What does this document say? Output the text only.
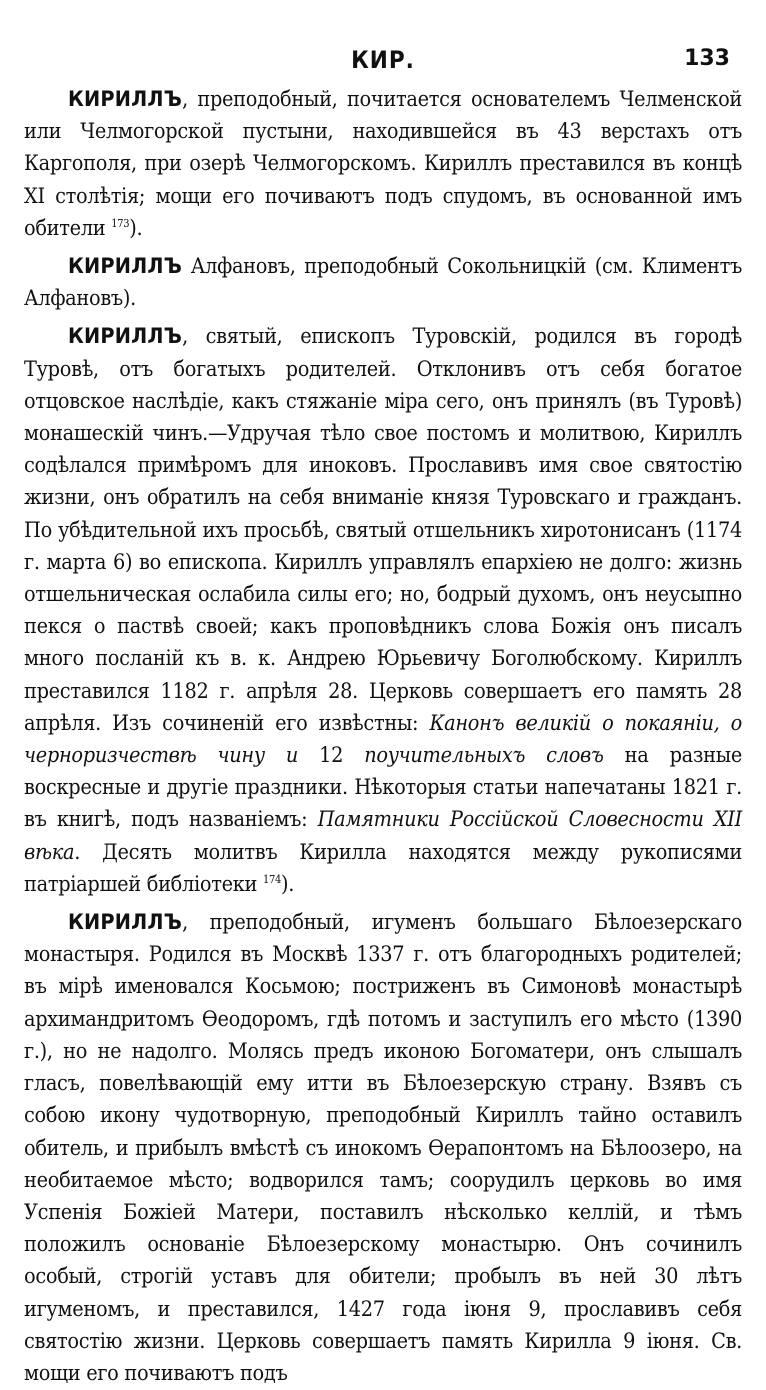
КИР.	133

КИРИЛЛЪ, преподобный, почитается основателемъ Челменской или Челмогорской пустыни, находившейся въ 43 верстахъ отъ Каргополя, при озерѣ Челмогорскомъ. Кириллъ преставился въ концѣ XI столѣтія; мощи его почиваютъ подъ спудомъ, въ основанной имъ обители $^{173}$).

КИРИЛЛЪ Алфановъ, преподобный Сокольницкій (см. Климентъ Алфановъ).

КИРИЛЛЪ, святый, епископъ Туровскій, родился въ городѣ Туровѣ, отъ богатыхъ родителей. Отклонивъ отъ себя богатое отцовское наслѣдіе, какъ стяжаніе міра сего, онъ принялъ (въ Туровѣ) монашескій чинъ.—Удручая тѣло свое постомъ и молитвою, Кириллъ содѣлался примѣромъ для иноковъ. Прославивъ имя свое святостію жизни, онъ обратилъ на себя вниманіе князя Туровскаго и гражданъ. По убѣдительной ихъ просьбѣ, святый отшельникъ хиротонисанъ (1174 г. марта 6) во епископа. Кириллъ управлялъ епархіею не долго: жизнь отшельническая ослабила силы его; но, бодрый духомъ, онъ неусыпно пекся о паствѣ своей; какъ проповѣдникъ слова Божія онъ писалъ много посланій къ в. к. Андрею Юрьевичу Боголюбскому. Кириллъ преставился 1182 г. апрѣля 28. Церковь совершаетъ его память 28 апрѣля. Изъ сочиненій его извѣстны: Канонъ великій о покаяніи, о черноризчествѣ чину и 12 поучительныхъ словъ на разные воскресные и другіе праздники. Нѣкоторыя статьи напечатаны 1821 г. въ книгѣ, подъ названіемъ: Памятники Россійской Словесности XII вѣка. Десять молитвъ Кирилла находятся между рукописями патріаршей библіотеки $^{174}$).

КИРИЛЛЪ, преподобный, игуменъ большаго Бѣлоезерскаго монастыря. Родился въ Москвѣ 1337 г. отъ благородныхъ родителей; въ мірѣ именовался Косьмою; постриженъ въ Симоновѣ монастырѣ архимандритомъ Ѳеодоромъ, гдѣ потомъ и заступилъ его мѣсто (1390 г.), но не надолго. Молясь предъ иконою Богоматери, онъ слышалъ гласъ, повелѣвающій ему итти въ Бѣлоезерскую страну. Взявъ съ собою икону чудотворную, преподобный Кириллъ тайно оставилъ обитель, и прибылъ вмѣстѣ съ инокомъ Ѳерапонтомъ на Бѣлоозеро, на необитаемое мѣсто; водворился тамъ; соорудилъ церковь во имя Успенія Божіей Матери, поставилъ нѣсколько келлій, и тѣмъ положилъ основаніе Бѣлоезерскому монастырю. Онъ сочинилъ особый, строгій уставъ для обители; пробылъ въ ней 30 лѣтъ игуменомъ, и преставился, 1427 года іюня 9, прославивъ себя святостію жизни. Церковь совершаетъ память Кирилла 9 іюня. Св. мощи его почиваютъ подъ
